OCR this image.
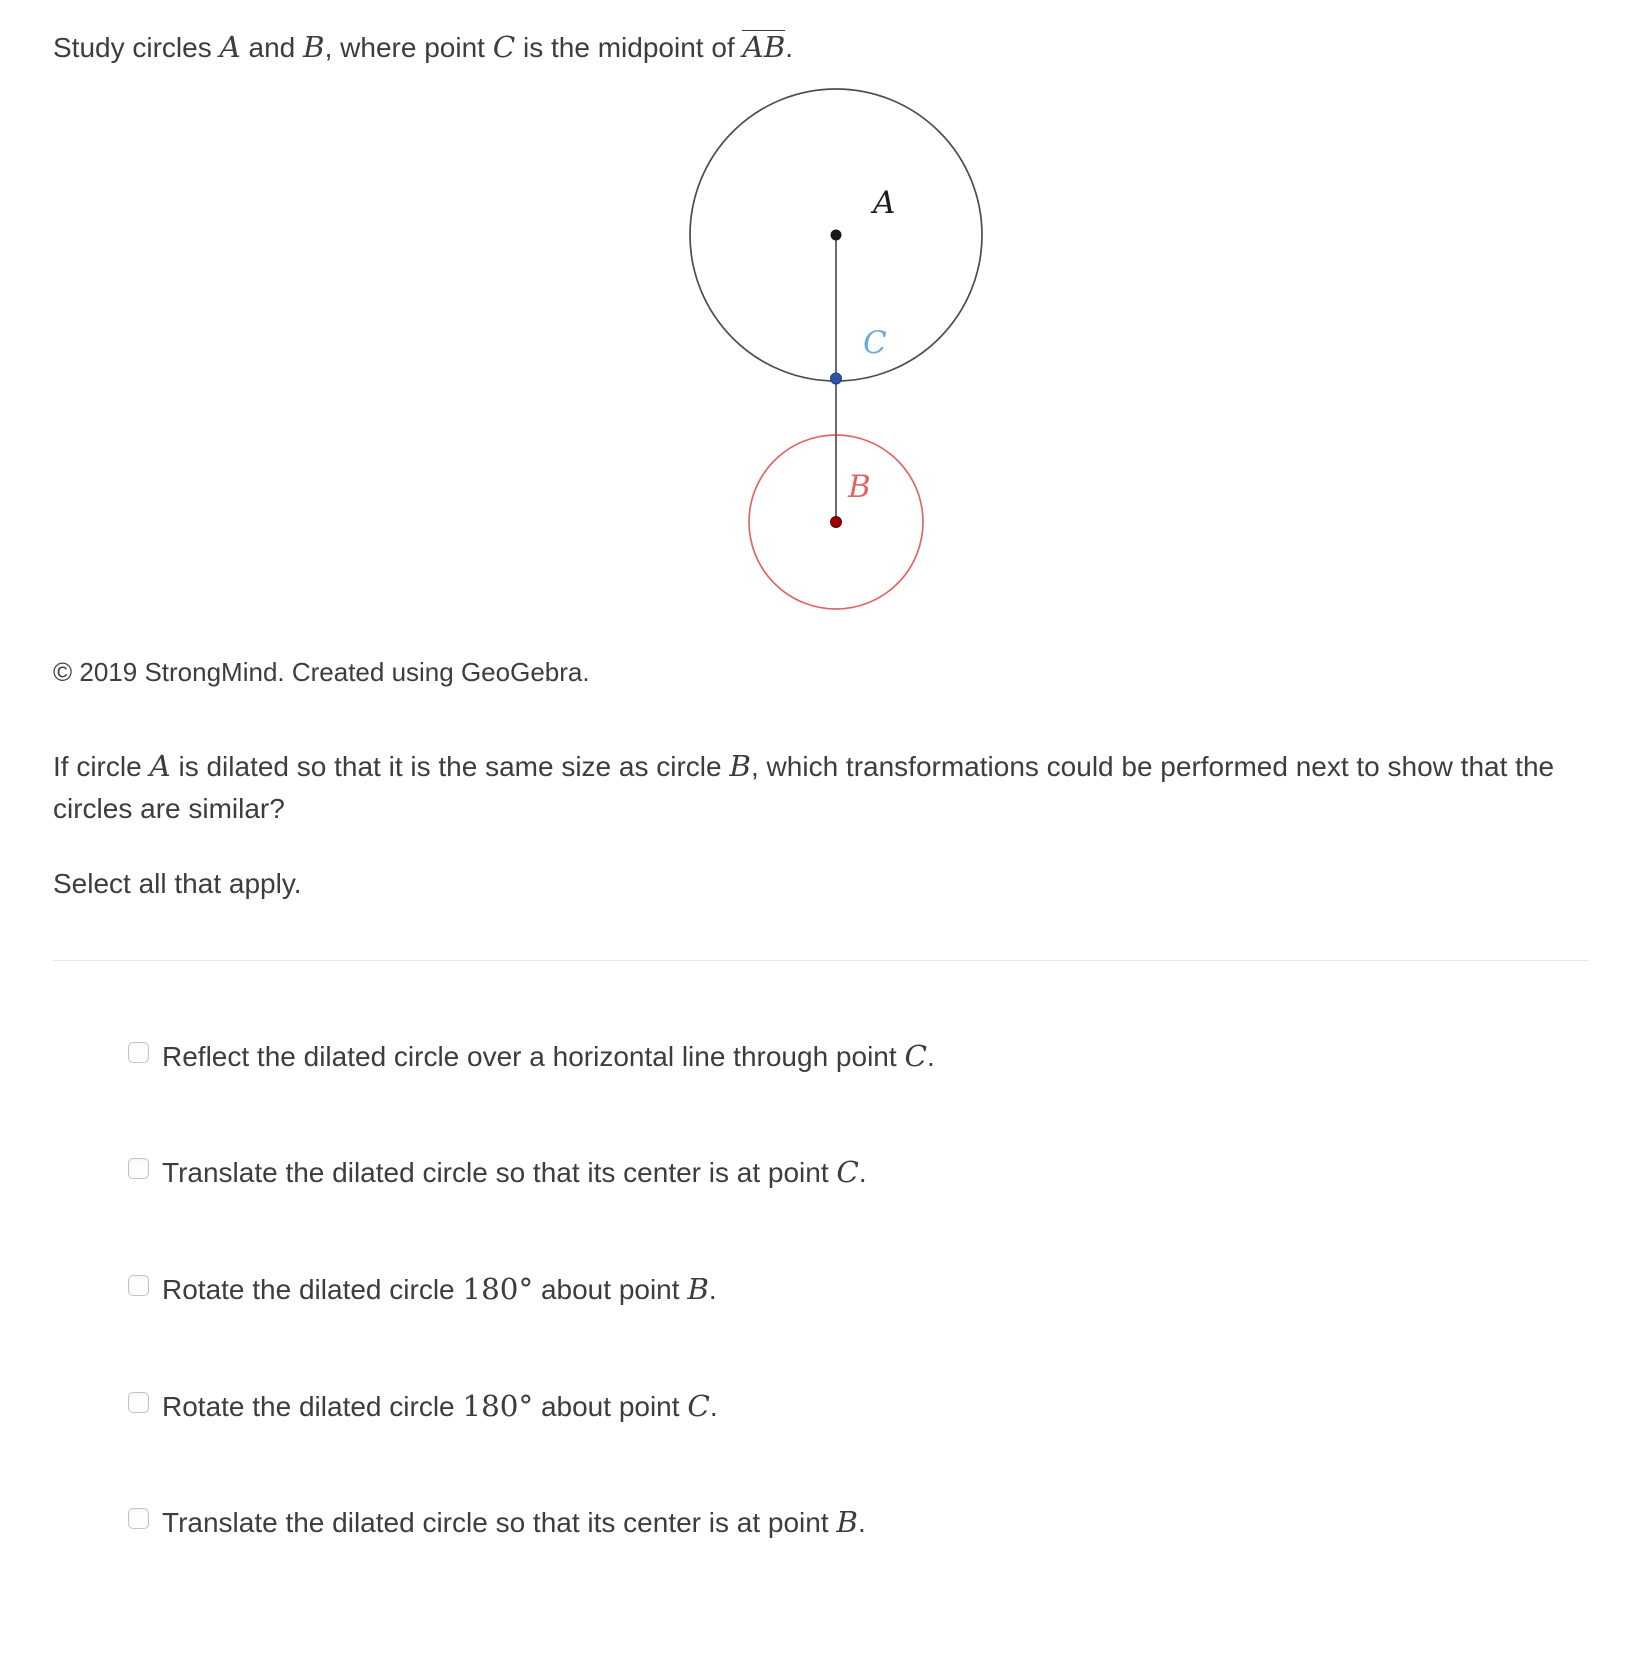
Study circles A and B, where point C is the midpoint of AB.
A
C
B
© 2019 StrongMind. Created using GeoGebra.
If circle A is dilated so that it is the same size as circle B, which transformations could be performed next to show that the circles are similar?
Select all that apply.
Reflect the dilated circle over a horizontal line through point C.
Translate the dilated circle so that its center is at point C.
Rotate the dilated circle 180° about point B.
Rotate the dilated circle 180° about point C.
Translate the dilated circle so that its center is at point B.
